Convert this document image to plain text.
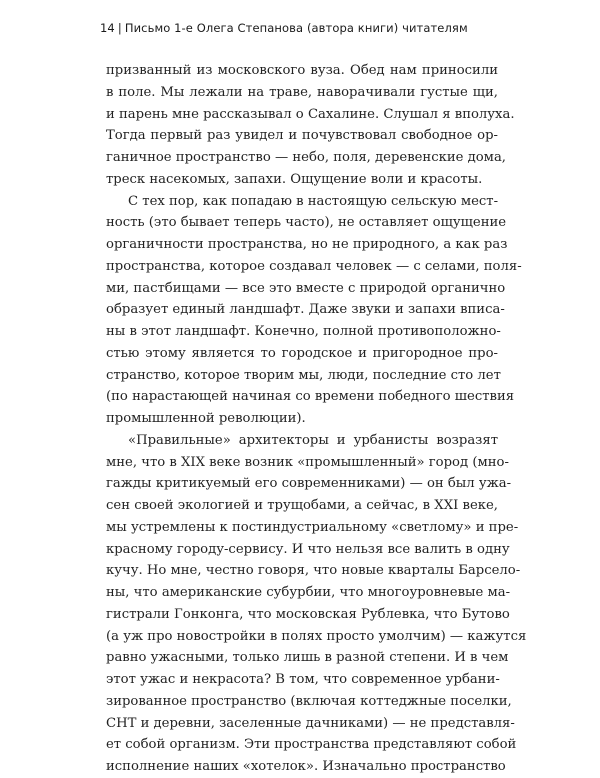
14 | Письмо 1-е Олега Степанова (автора книги) читателям
призванный из московского вуза. Обед нам приносили
в поле. Мы лежали на траве, наворачивали густые щи,
и парень мне рассказывал о Сахалине. Слушал я вполуха.
Тогда первый раз увидел и почувствовал свободное ор-
ганичное пространство — небо, поля, деревенские дома,
треск насекомых, запахи. Ощущение воли и красоты.
С тех пор, как попадаю в настоящую сельскую мест-
ность (это бывает теперь часто), не оставляет ощущение
органичности пространства, но не природного, а как раз
пространства, которое создавал человек — с селами, поля-
ми, пастбищами — все это вместе с природой органично
образует единый ландшафт. Даже звуки и запахи вписа-
ны в этот ландшафт. Конечно, полной противоположно-
стью этому является то городское и пригородное про-
странство, которое творим мы, люди, последние сто лет
(по нарастающей начиная со времени победного шествия
промышленной революции).
«Правильные» архитекторы и урбанисты возразят
мне, что в XIX веке возник «промышленный» город (мно-
гажды критикуемый его современниками) — он был ужа-
сен своей экологией и трущобами, а сейчас, в XXI веке,
мы устремлены к постиндустриальному «светлому» и пре-
красному городу-сервису. И что нельзя все валить в одну
кучу. Но мне, честно говоря, что новые кварталы Барсело-
ны, что американские субурбии, что многоуровневые ма-
гистрали Гонконга, что московская Рублевка, что Бутово
(а уж про новостройки в полях просто умолчим) — кажутся
равно ужасными, только лишь в разной степени. И в чем
этот ужас и некрасота? В том, что современное урбани-
зированное пространство (включая коттеджные поселки,
СНТ и деревни, заселенные дачниками) — не представля-
ет собой организм. Эти пространства представляют собой
исполнение наших «хотелок». Изначально пространство
